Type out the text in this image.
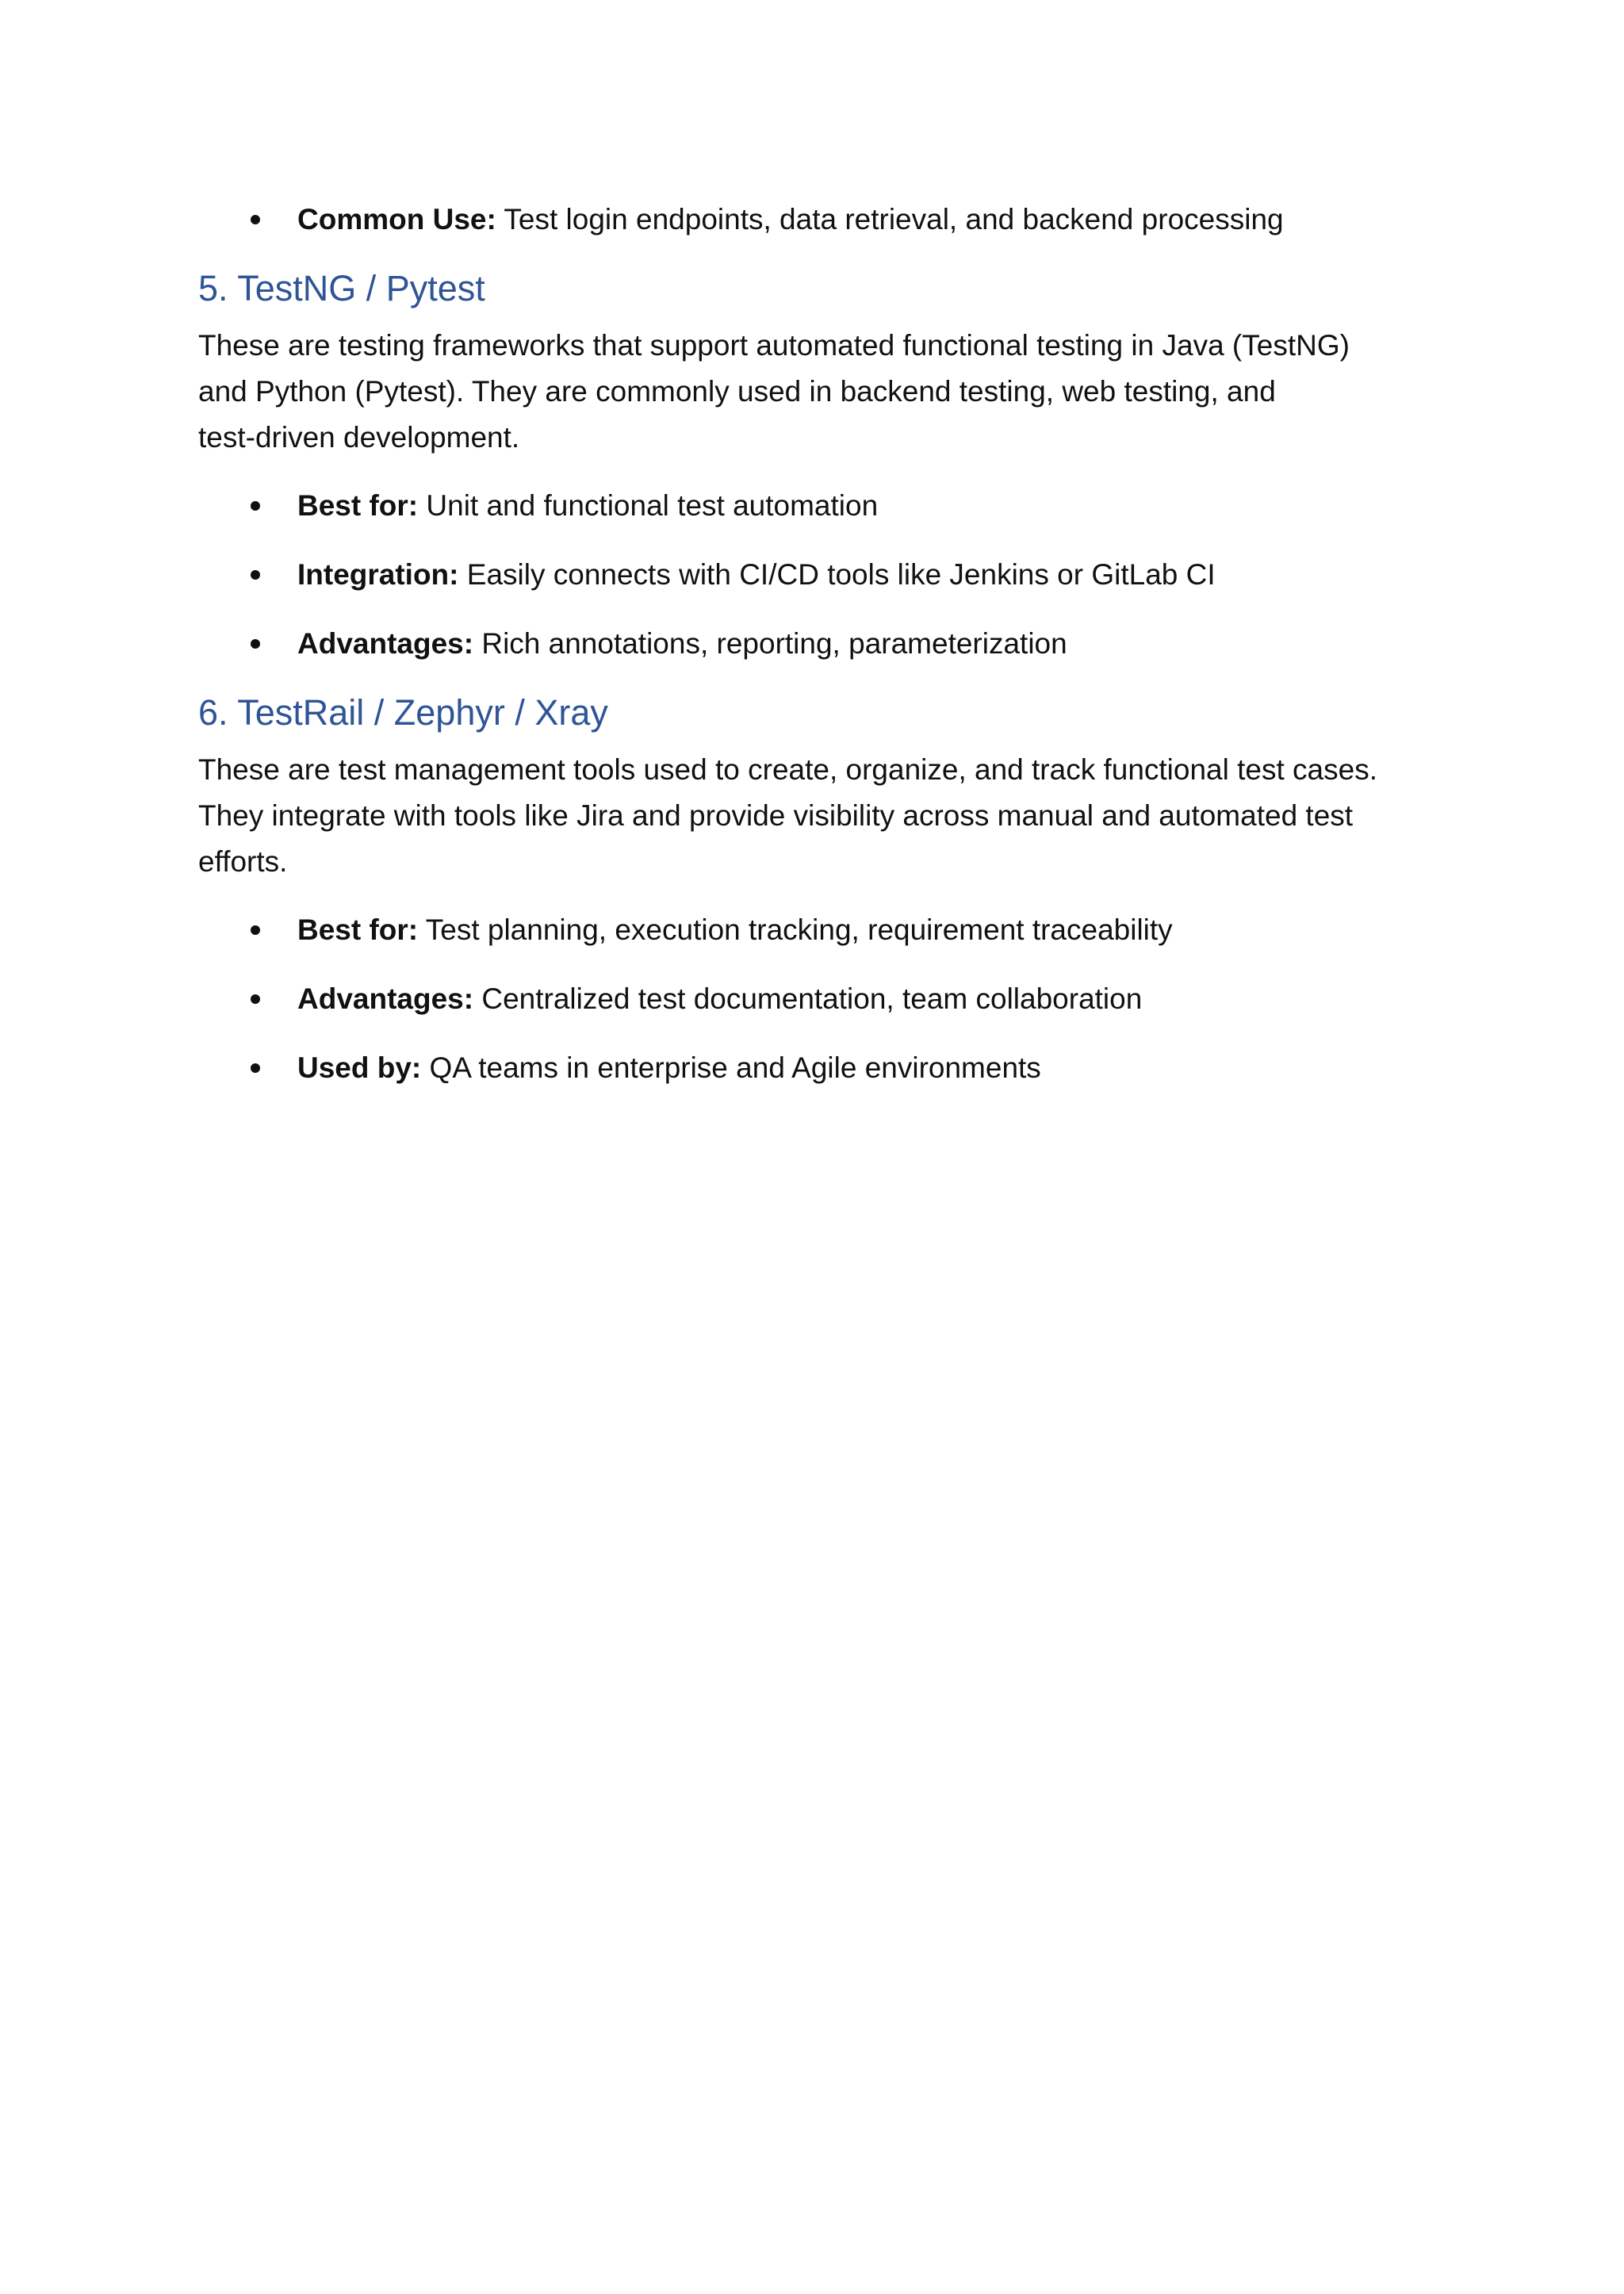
Common Use: Test login endpoints, data retrieval, and backend processing
5. TestNG / Pytest

These are testing frameworks that support automated functional testing in Java (TestNG)
and Python (Pytest). They are commonly used in backend testing, web testing, and
test-driven development.

Best for: Unit and functional test automation
Integration: Easily connects with CI/CD tools like Jenkins or GitLab CI
Advantages: Rich annotations, reporting, parameterization
6. TestRail / Zephyr / Xray

These are test management tools used to create, organize, and track functional test cases.
They integrate with tools like Jira and provide visibility across manual and automated test
efforts.

Best for: Test planning, execution tracking, requirement traceability
Advantages: Centralized test documentation, team collaboration
Used by: QA teams in enterprise and Agile environments
